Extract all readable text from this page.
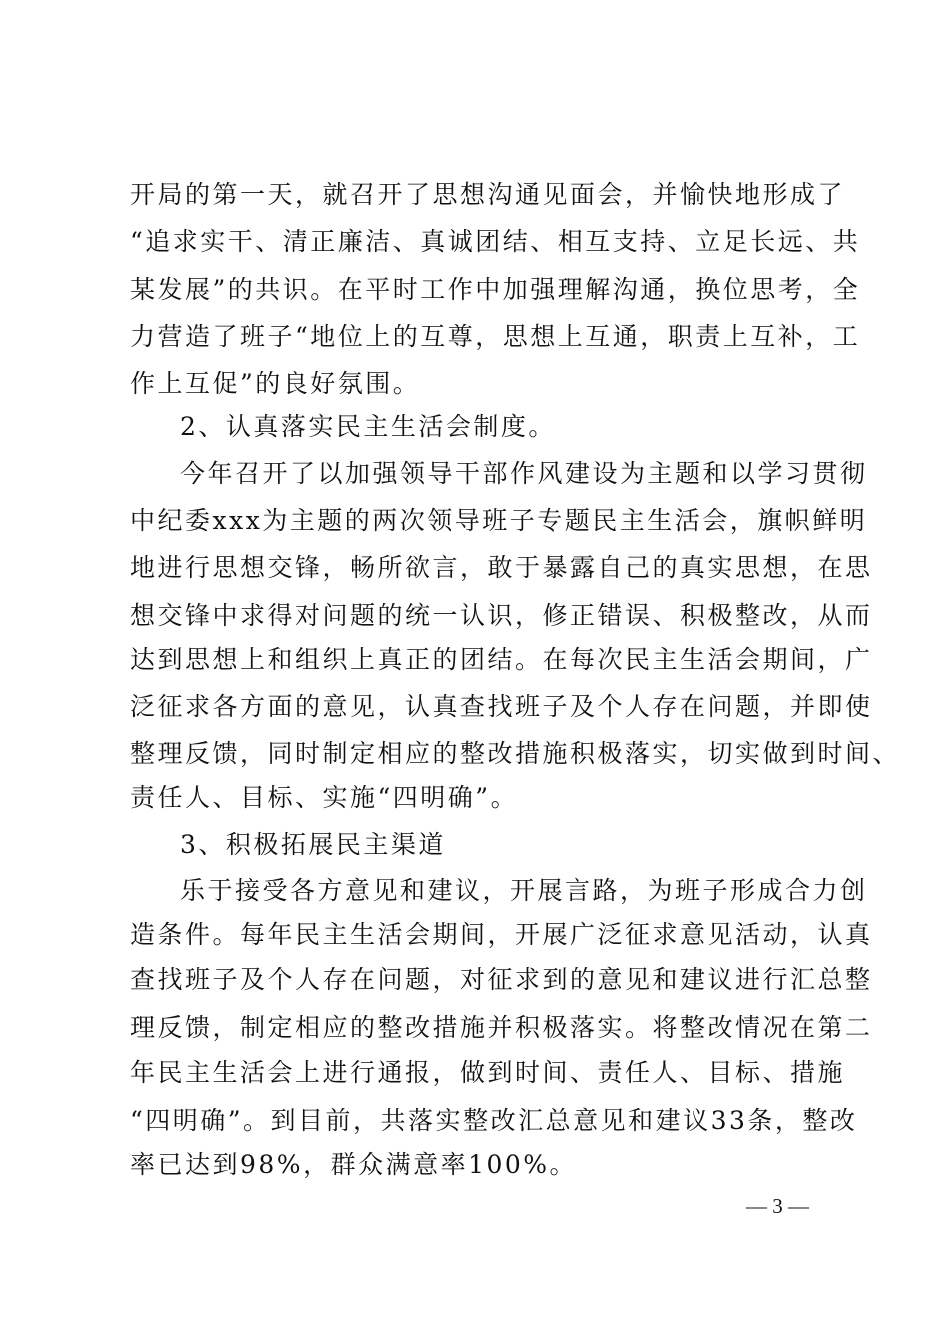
开局的第一天，就召开了思想沟通见面会，并愉快地形成了
“追求实干、清正廉洁、真诚团结、相互支持、立足长远、共
某发展”的共识。在平时工作中加强理解沟通，换位思考，全
力营造了班子“地位上的互尊，思想上互通，职责上互补，工
作上互促”的良好氛围。
2、认真落实民主生活会制度。
今年召开了以加强领导干部作风建设为主题和以学习贯彻
中纪委xxx为主题的两次领导班子专题民主生活会，旗帜鲜明
地进行思想交锋，畅所欲言，敢于暴露自己的真实思想，在思
想交锋中求得对问题的统一认识，修正错误、积极整改，从而
达到思想上和组织上真正的团结。在每次民主生活会期间，广
泛征求各方面的意见，认真查找班子及个人存在问题，并即使
整理反馈，同时制定相应的整改措施积极落实，切实做到时间、
责任人、目标、实施“四明确”。
3、积极拓展民主渠道
乐于接受各方意见和建议，开展言路，为班子形成合力创
造条件。每年民主生活会期间，开展广泛征求意见活动，认真
查找班子及个人存在问题，对征求到的意见和建议进行汇总整
理反馈，制定相应的整改措施并积极落实。将整改情况在第二
年民主生活会上进行通报，做到时间、责任人、目标、措施
“四明确”。到目前，共落实整改汇总意见和建议33条，整改
率已达到98%，群众满意率100%。
— 3 —
